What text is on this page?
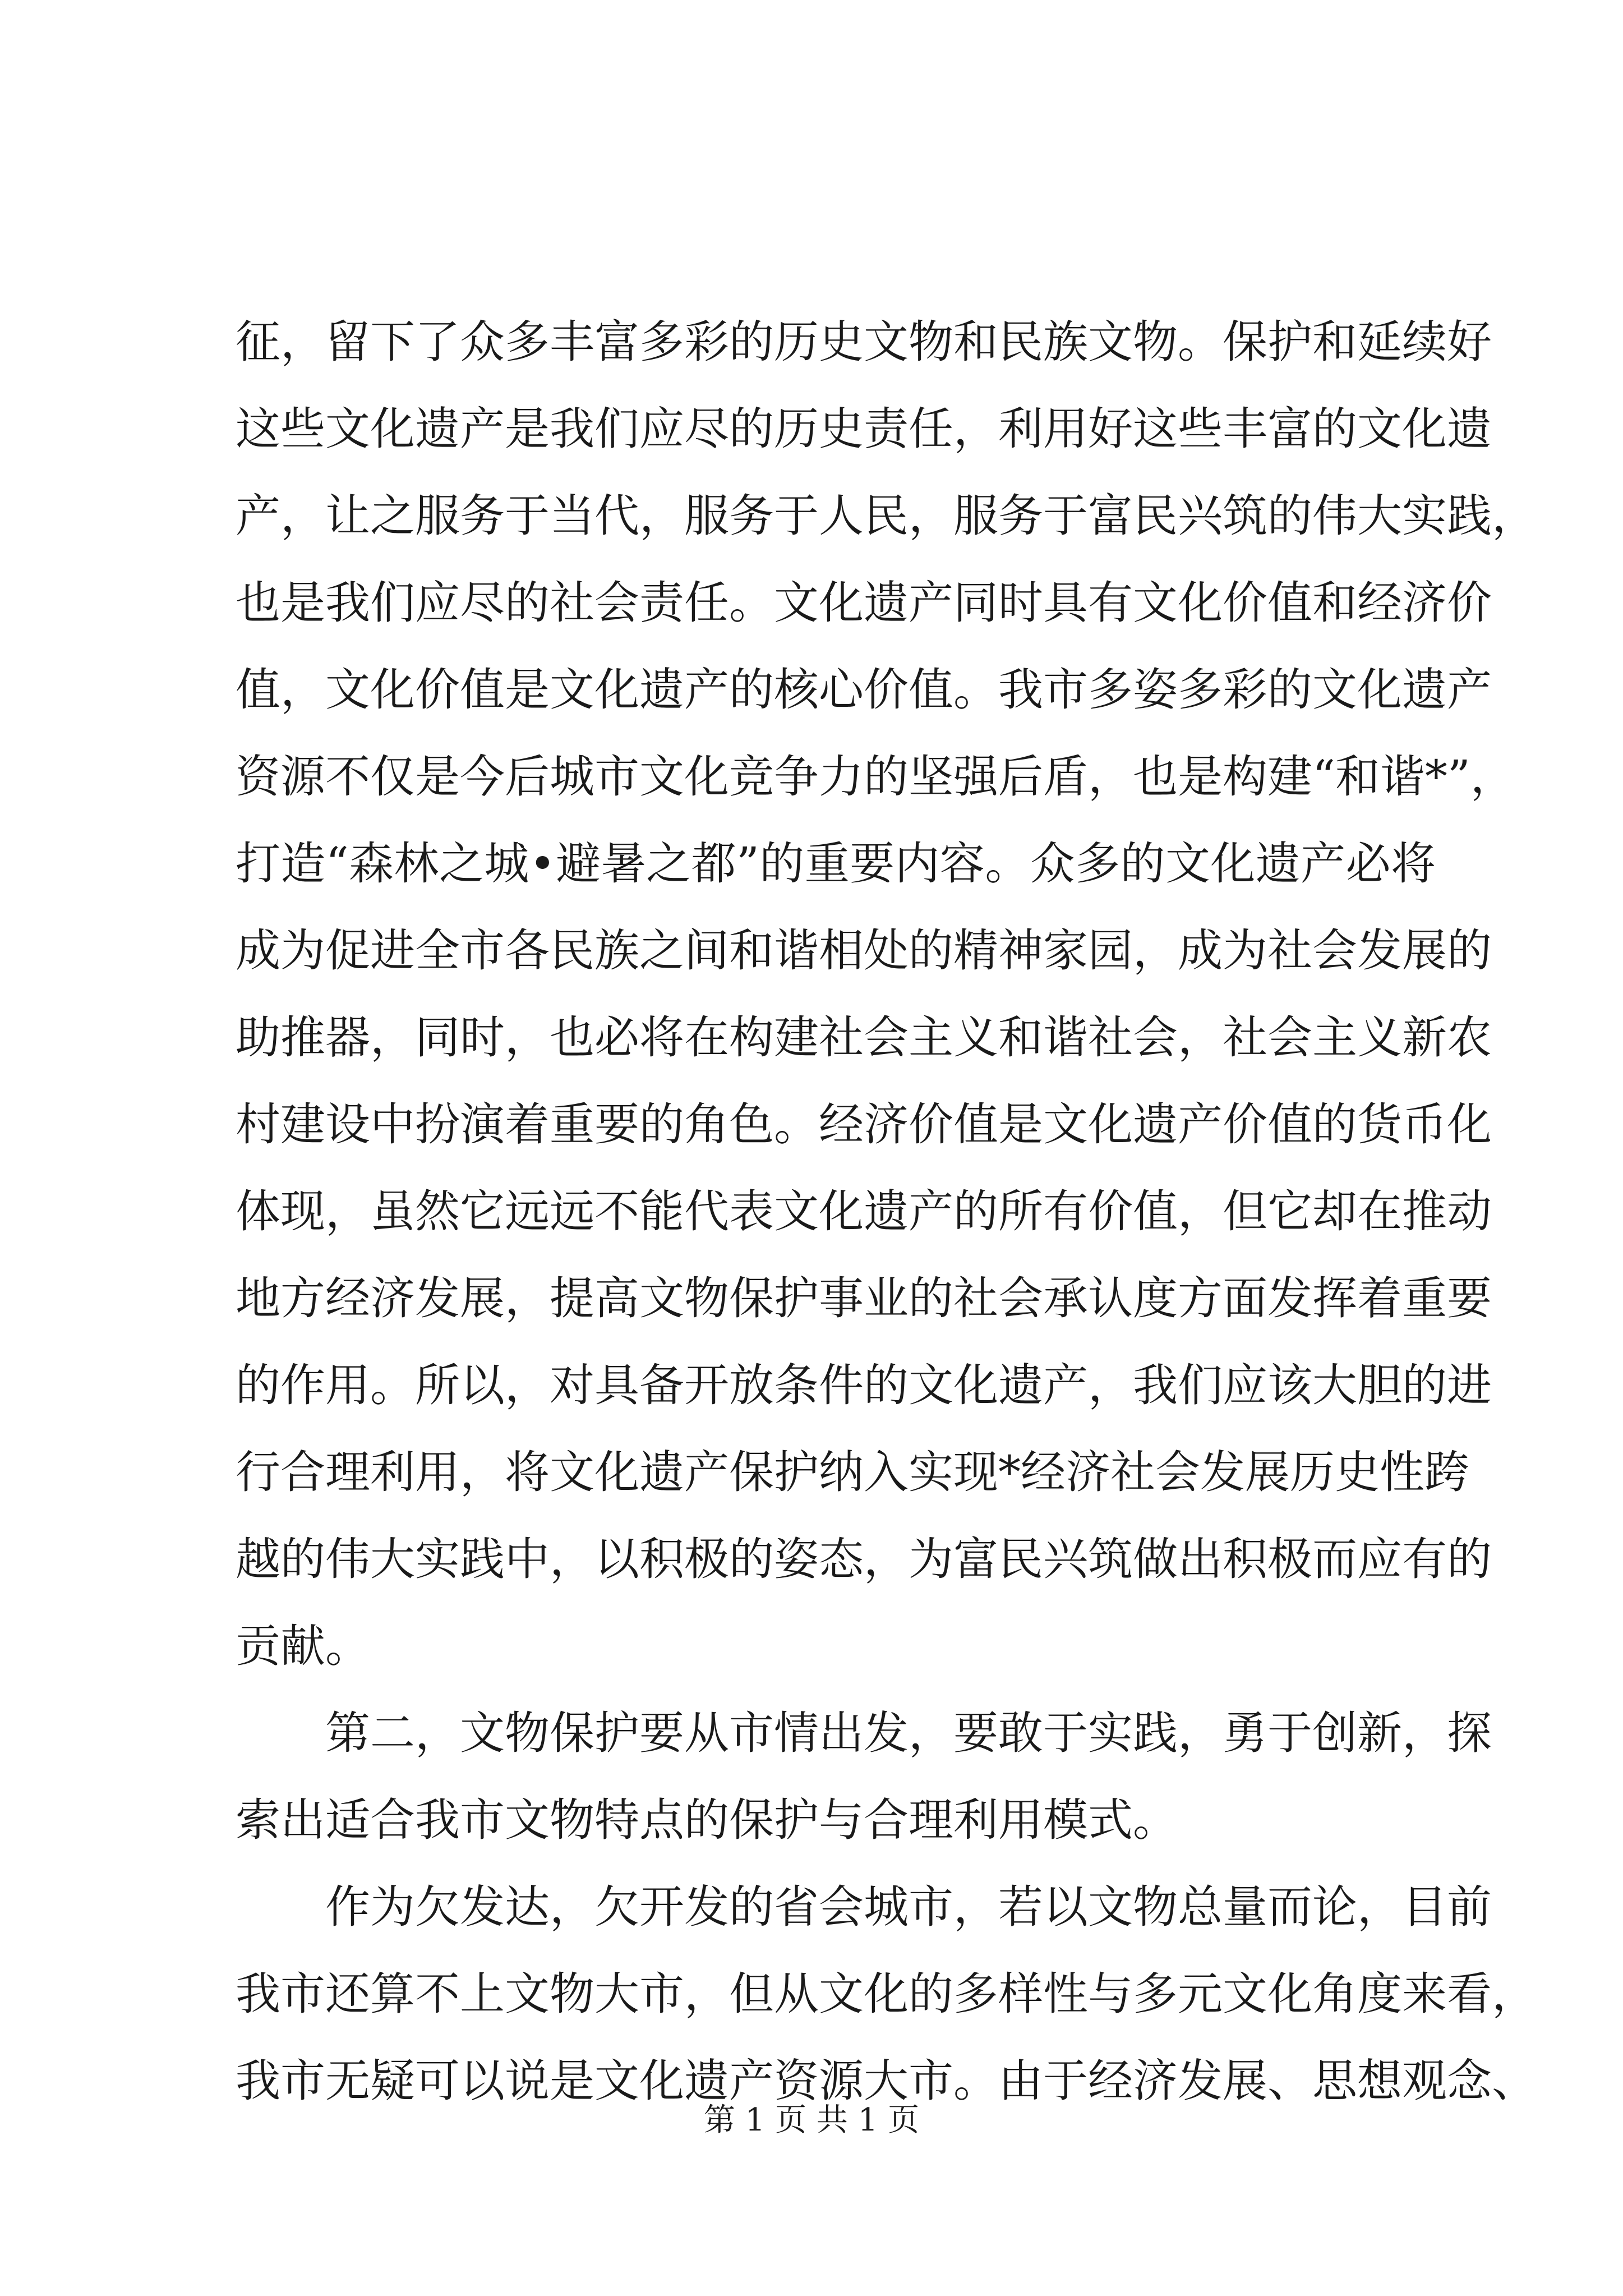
征，留下了众多丰富多彩的历史文物和民族文物。保护和延续好
这些文化遗产是我们应尽的历史责任，利用好这些丰富的文化遗
产，让之服务于当代，服务于人民，服务于富民兴筑的伟大实践，
也是我们应尽的社会责任。文化遗产同时具有文化价值和经济价
值，文化价值是文化遗产的核心价值。我市多姿多彩的文化遗产
资源不仅是今后城市文化竞争力的坚强后盾，也是构建“和谐*”，
打造“森林之城•避暑之都”的重要内容。众多的文化遗产必将
成为促进全市各民族之间和谐相处的精神家园，成为社会发展的
助推器，同时，也必将在构建社会主义和谐社会，社会主义新农
村建设中扮演着重要的角色。经济价值是文化遗产价值的货币化
体现，虽然它远远不能代表文化遗产的所有价值，但它却在推动
地方经济发展，提高文物保护事业的社会承认度方面发挥着重要
的作用。所以，对具备开放条件的文化遗产，我们应该大胆的进
行合理利用，将文化遗产保护纳入实现*经济社会发展历史性跨
越的伟大实践中，以积极的姿态，为富民兴筑做出积极而应有的
贡献。
　　第二，文物保护要从市情出发，要敢于实践，勇于创新，探
索出适合我市文物特点的保护与合理利用模式。
　　作为欠发达，欠开发的省会城市，若以文物总量而论，目前
我市还算不上文物大市，但从文化的多样性与多元文化角度来看，
我市无疑可以说是文化遗产资源大市。由于经济发展、思想观念、
第 1 页 共 1 页
